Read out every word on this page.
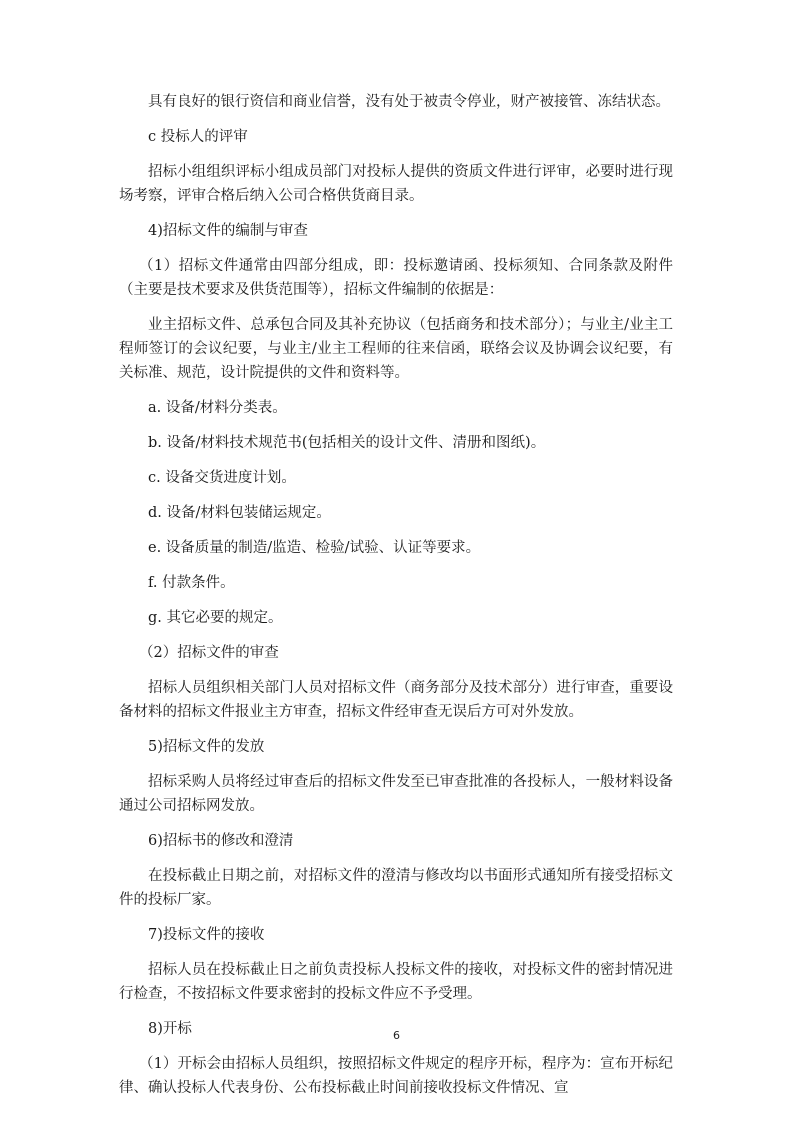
具有良好的银行资信和商业信誉，没有处于被责令停业，财产被接管、冻结状态。

c 投标人的评审

招标小组组织评标小组成员部门对投标人提供的资质文件进行评审，必要时进行现场考察，评审合格后纳入公司合格供货商目录。

4)招标文件的编制与审查

（1）招标文件通常由四部分组成，即：投标邀请函、投标须知、合同条款及附件（主要是技术要求及供货范围等），招标文件编制的依据是：

业主招标文件、总承包合同及其补充协议（包括商务和技术部分）；与业主/业主工程师签订的会议纪要，与业主/业主工程师的往来信函，联络会议及协调会议纪要，有关标准、规范，设计院提供的文件和资料等。

a. 设备/材料分类表。

b. 设备/材料技术规范书(包括相关的设计文件、清册和图纸)。

c. 设备交货进度计划。

d. 设备/材料包装储运规定。

e. 设备质量的制造/监造、检验/试验、认证等要求。

f. 付款条件。

g. 其它必要的规定。

（2）招标文件的审查

招标人员组织相关部门人员对招标文件（商务部分及技术部分）进行审查，重要设备材料的招标文件报业主方审查，招标文件经审查无误后方可对外发放。

5)招标文件的发放

招标采购人员将经过审查后的招标文件发至已审查批准的各投标人，一般材料设备通过公司招标网发放。

6)招标书的修改和澄清

在投标截止日期之前，对招标文件的澄清与修改均以书面形式通知所有接受招标文件的投标厂家。

7)投标文件的接收

招标人员在投标截止日之前负责投标人投标文件的接收，对投标文件的密封情况进行检查，不按招标文件要求密封的投标文件应不予受理。

8)开标

（1）开标会由招标人员组织，按照招标文件规定的程序开标，程序为：宣布开标纪律、确认投标人代表身份、公布投标截止时间前接收投标文件情况、宣

6
